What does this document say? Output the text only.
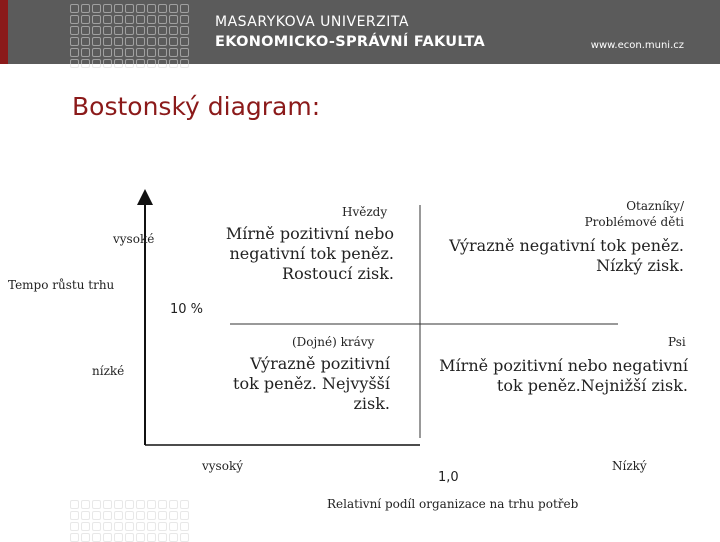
MASARYKOVA UNIVERZITA
EKONOMICKO-SPRÁVNÍ FAKULTA	www.econ.muni.cz
Bostonský diagram:
vysoké
Tempo růstu trhu
nízké
10 %
Hvězdy
Mírně pozitivní nebo
negativní tok peněz.
Rostoucí zisk.
Otazníky/
Problémové děti
Výrazně negativní tok peněz.
Nízký zisk.
(Dojné) krávy
Výrazně pozitivní
tok peněz. Nejvyšší
zisk.
Psi
Mírně pozitivní nebo negativní
tok peněz.Nejnižší zisk.
vysoký
1,0
Nízký
Relativní podíl organizace na trhu potřeb
